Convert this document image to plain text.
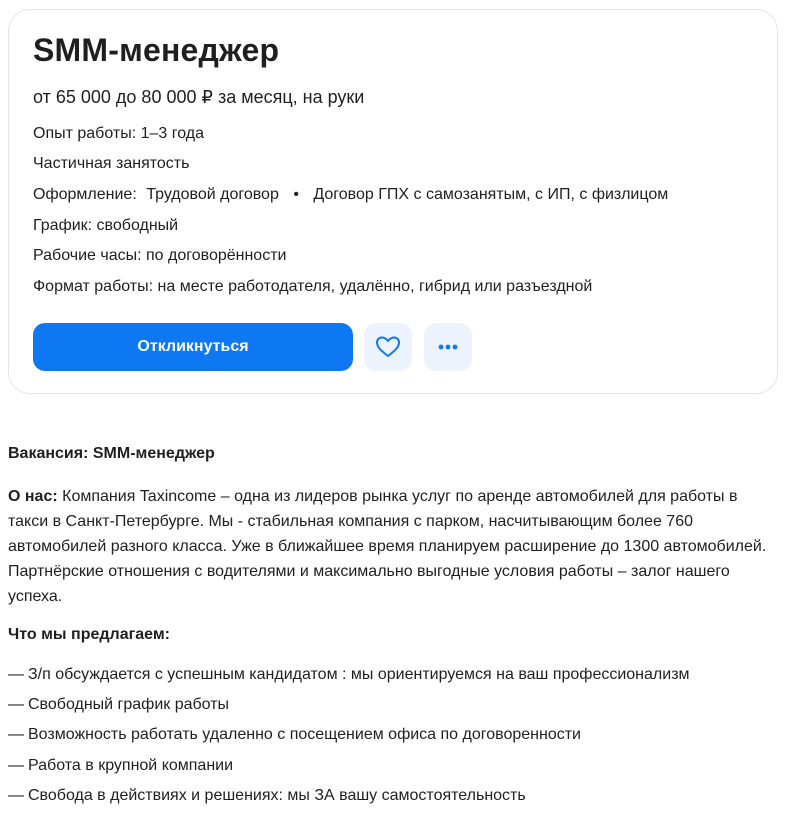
SMM-менеджер
от 65 000 до 80 000 ₽ за месяц, на руки
Опыт работы: 1–3 года
Частичная занятость
Оформление: Трудовой договор • Договор ГПХ с самозанятым, с ИП, с физлицом
График: свободный
Рабочие часы: по договорённости
Формат работы: на месте работодателя, удалённо, гибрид или разъездной
Откликнуться
Вакансия: SMM-менеджер

О нас: Компания Taxincome – одна из лидеров рынка услуг по аренде автомобилей для работы в такси в Санкт-Петербурге. Мы - стабильная компания с парком, насчитывающим более 760 автомобилей разного класса. Уже в ближайшее время планируем расширение до 1300 автомобилей. Партнёрские отношения с водителями и максимально выгодные условия работы – залог нашего успеха.

Что мы предлагаем:
— З/п обсуждается с успешным кандидатом : мы ориентируемся на ваш профессионализм
— Свободный график работы
— Возможность работать удаленно с посещением офиса по договоренности
— Работа в крупной компании
— Свобода в действиях и решениях: мы ЗА вашу самостоятельность
